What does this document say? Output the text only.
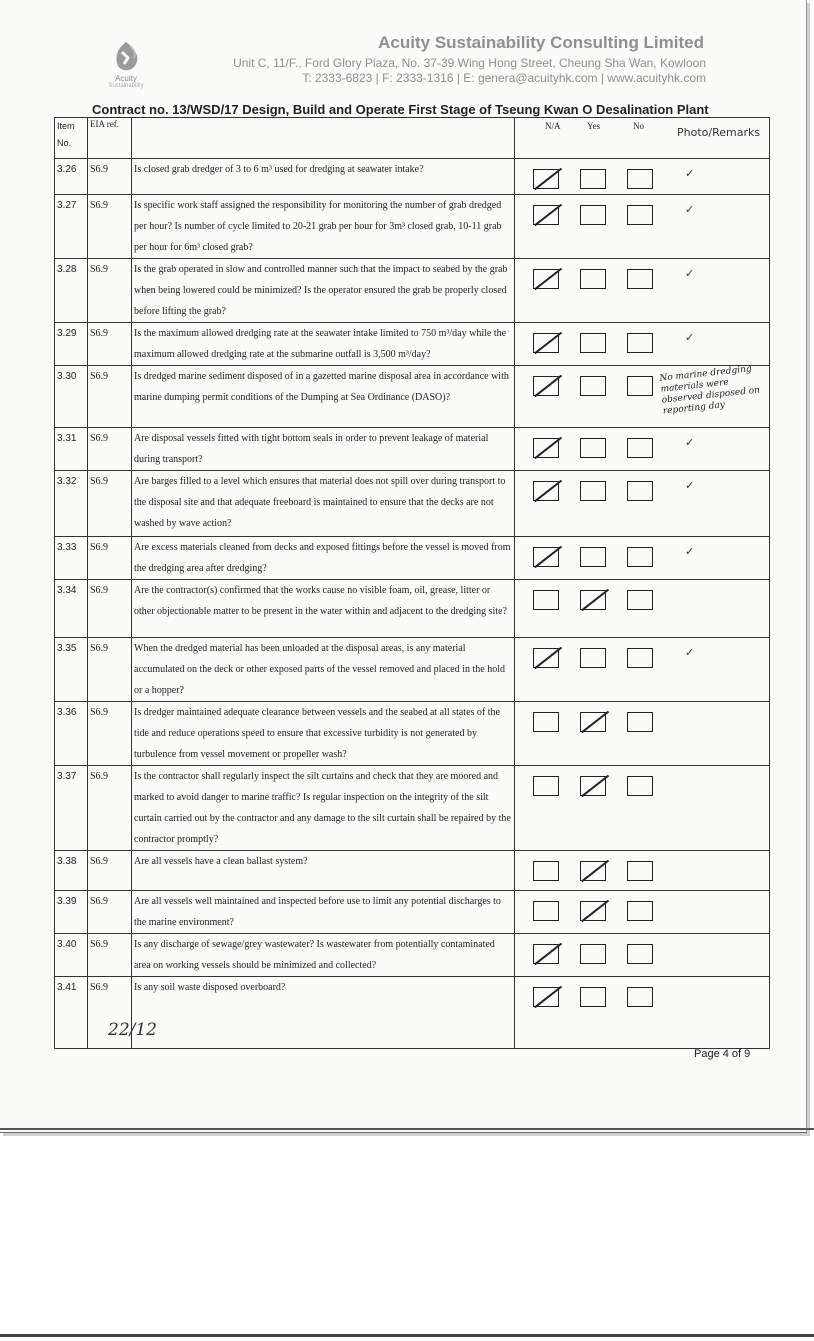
Acuity
Sustainability
Acuity Sustainability Consulting Limited
Unit C, 11/F., Ford Glory Plaza, No. 37-39 Wing Hong Street, Cheung Sha Wan, Kowloon
T: 2333-6823 | F: 2333-1316 | E: genera@acuityhk.com | www.acuityhk.com
Contract no. 13/WSD/17 Design, Build and Operate First Stage of Tseung Kwan O Desalination Plant
Item No.	EIA ref.		N/A Yes No Photo/Remarks

3.26	S6.9	Is closed grab dredger of 3 to 6 m³ used for dredging at seawater intake?	✓

3.27	S6.9	Is specific work staff assigned the responsibility for monitoring the number of grab dredged per hour? Is number of cycle limited to 20-21 grab per hour for 3m³ closed grab, 10-11 grab per hour for 6m³ closed grab?	✓

3.28	S6.9	Is the grab operated in slow and controlled manner such that the impact to seabed by the grab when being lowered could be minimized? Is the operator ensured the grab be properly closed before lifting the grab?	✓

3.29	S6.9	Is the maximum allowed dredging rate at the seawater intake limited to 750 m³/day while the maximum allowed dredging rate at the submarine outfall is 3,500 m³/day?	✓

3.30	S6.9	Is dredged marine sediment disposed of in a gazetted marine disposal area in accordance with marine dumping permit conditions of the Dumping at Sea Ordinance (DASO)?	No marine dredging materials were observed disposed on reporting day

3.31	S6.9	Are disposal vessels fitted with tight bottom seals in order to prevent leakage of material during transport?	✓

3.32	S6.9	Are barges filled to a level which ensures that material does not spill over during transport to the disposal site and that adequate freeboard is maintained to ensure that the decks are not washed by wave action?	✓

3.33	S6.9	Are excess materials cleaned from decks and exposed fittings before the vessel is moved from the dredging area after dredging?	✓

3.34	S6.9	Are the contractor(s) confirmed that the works cause no visible foam, oil, grease, litter or other objectionable matter to be present in the water within and adjacent to the dredging site?	

3.35	S6.9	When the dredged material has been unloaded at the disposal areas, is any material accumulated on the deck or other exposed parts of the vessel removed and placed in the hold or a hopper?	✓

3.36	S6.9	Is dredger maintained adequate clearance between vessels and the seabed at all states of the tide and reduce operations speed to ensure that excessive turbidity is not generated by turbulence from vessel movement or propeller wash?	

3.37	S6.9	Is the contractor shall regularly inspect the silt curtains and check that they are moored and marked to avoid danger to marine traffic? Is regular inspection on the integrity of the silt curtain carried out by the contractor and any damage to the silt curtain shall be repaired by the contractor promptly?	

3.38	S6.9	Are all vessels have a clean ballast system?	

3.39	S6.9	Are all vessels well maintained and inspected before use to limit any potential discharges to the marine environment?	

3.40	S6.9	Is any discharge of sewage/grey wastewater? Is wastewater from potentially contaminated area on working vessels should be minimized and collected?	

3.41	S6.9	Is any soil waste disposed overboard?	
22/12
Page 4 of 9
